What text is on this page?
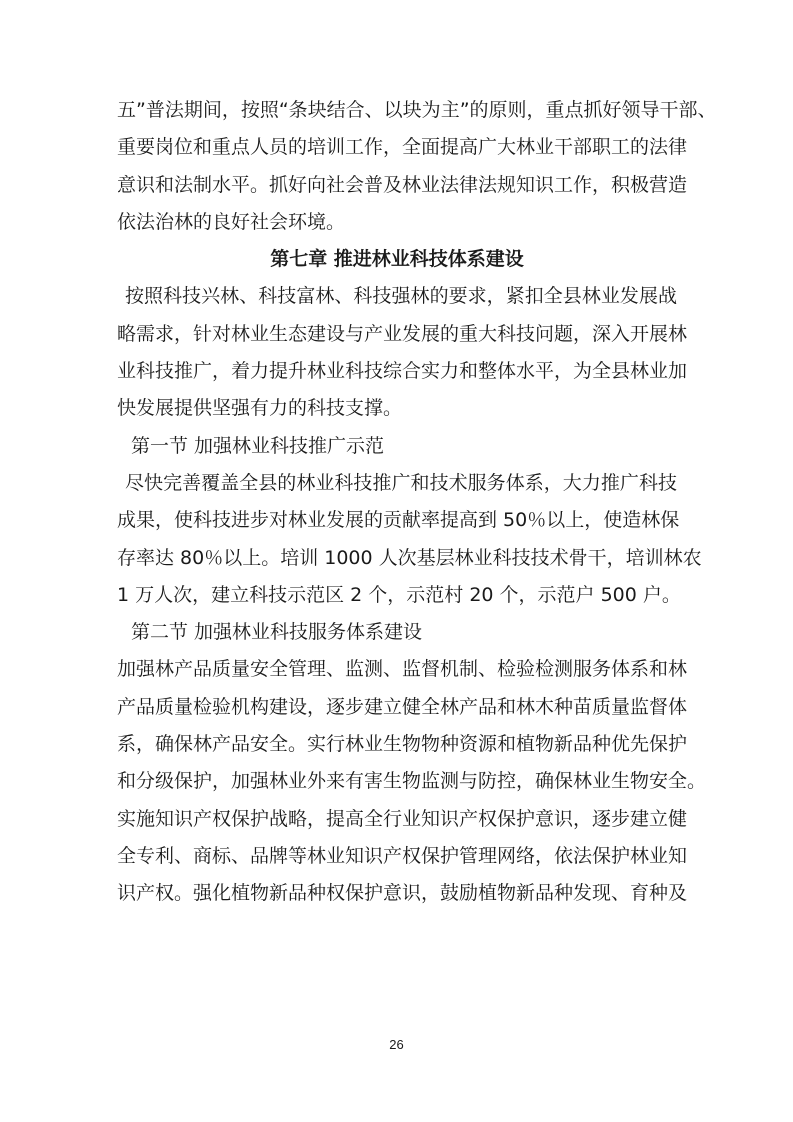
五”普法期间，按照“条块结合、以块为主”的原则，重点抓好领导干部、

重要岗位和重点人员的培训工作，全面提高广大林业干部职工的法律

意识和法制水平。抓好向社会普及林业法律法规知识工作，积极营造

依法治林的良好社会环境。

第七章 推进林业科技体系建设

按照科技兴林、科技富林、科技强林的要求，紧扣全县林业发展战

略需求，针对林业生态建设与产业发展的重大科技问题，深入开展林

业科技推广，着力提升林业科技综合实力和整体水平，为全县林业加

快发展提供坚强有力的科技支撑。

第一节 加强林业科技推广示范

尽快完善覆盖全县的林业科技推广和技术服务体系，大力推广科技

成果，使科技进步对林业发展的贡献率提高到 50％以上，使造林保

存率达 80％以上。培训 1000 人次基层林业科技技术骨干，培训林农

1 万人次，建立科技示范区 2 个，示范村 20 个，示范户 500 户。

第二节 加强林业科技服务体系建设

加强林产品质量安全管理、监测、监督机制、检验检测服务体系和林

产品质量检验机构建设，逐步建立健全林产品和林木种苗质量监督体

系，确保林产品安全。实行林业生物物种资源和植物新品种优先保护

和分级保护，加强林业外来有害生物监测与防控，确保林业生物安全。

实施知识产权保护战略，提高全行业知识产权保护意识，逐步建立健

全专利、商标、品牌等林业知识产权保护管理网络，依法保护林业知

识产权。强化植物新品种权保护意识，鼓励植物新品种发现、育种及

26
